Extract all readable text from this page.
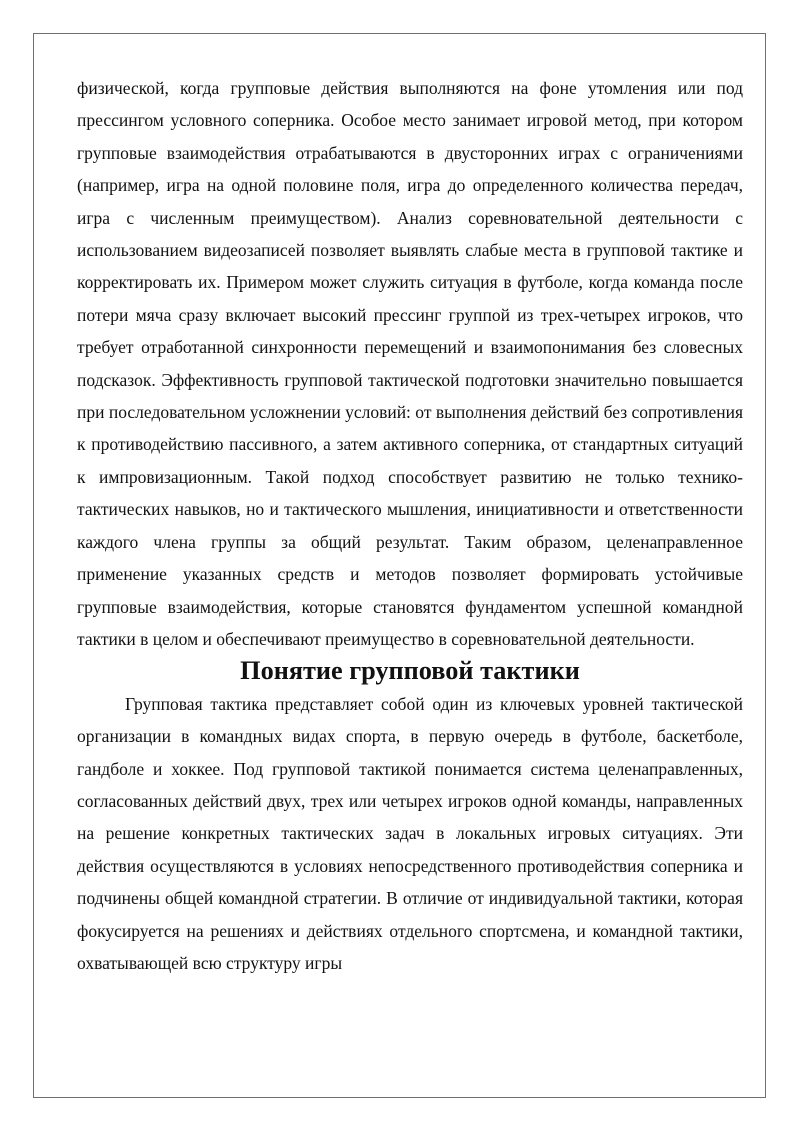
физической, когда групповые действия выполняются на фоне утомления или под прессингом условного соперника. Особое место занимает игровой метод, при котором групповые взаимодействия отрабатываются в двусторонних играх с ограничениями (например, игра на одной половине поля, игра до определенного количества передач, игра с численным преимуществом). Анализ соревновательной деятельности с использованием видеозаписей позволяет выявлять слабые места в групповой тактике и корректировать их. Примером может служить ситуация в футболе, когда команда после потери мяча сразу включает высокий прессинг группой из трех-четырех игроков, что требует отработанной синхронности перемещений и взаимопонимания без словесных подсказок. Эффективность групповой тактической подготовки значительно повышается при последовательном усложнении условий: от выполнения действий без сопротивления к противодействию пассивного, а затем активного соперника, от стандартных ситуаций к импровизационным. Такой подход способствует развитию не только технико-тактических навыков, но и тактического мышления, инициативности и ответственности каждого члена группы за общий результат. Таким образом, целенаправленное применение указанных средств и методов позволяет формировать устойчивые групповые взаимодействия, которые становятся фундаментом успешной командной тактики в целом и обеспечивают преимущество в соревновательной деятельности.

Понятие групповой тактики

Групповая тактика представляет собой один из ключевых уровней тактической организации в командных видах спорта, в первую очередь в футболе, баскетболе, гандболе и хоккее. Под групповой тактикой понимается система целенаправленных, согласованных действий двух, трех или четырех игроков одной команды, направленных на решение конкретных тактических задач в локальных игровых ситуациях. Эти действия осуществляются в условиях непосредственного противодействия соперника и подчинены общей командной стратегии. В отличие от индивидуальной тактики, которая фокусируется на решениях и действиях отдельного спортсмена, и командной тактики, охватывающей всю структуру игры
